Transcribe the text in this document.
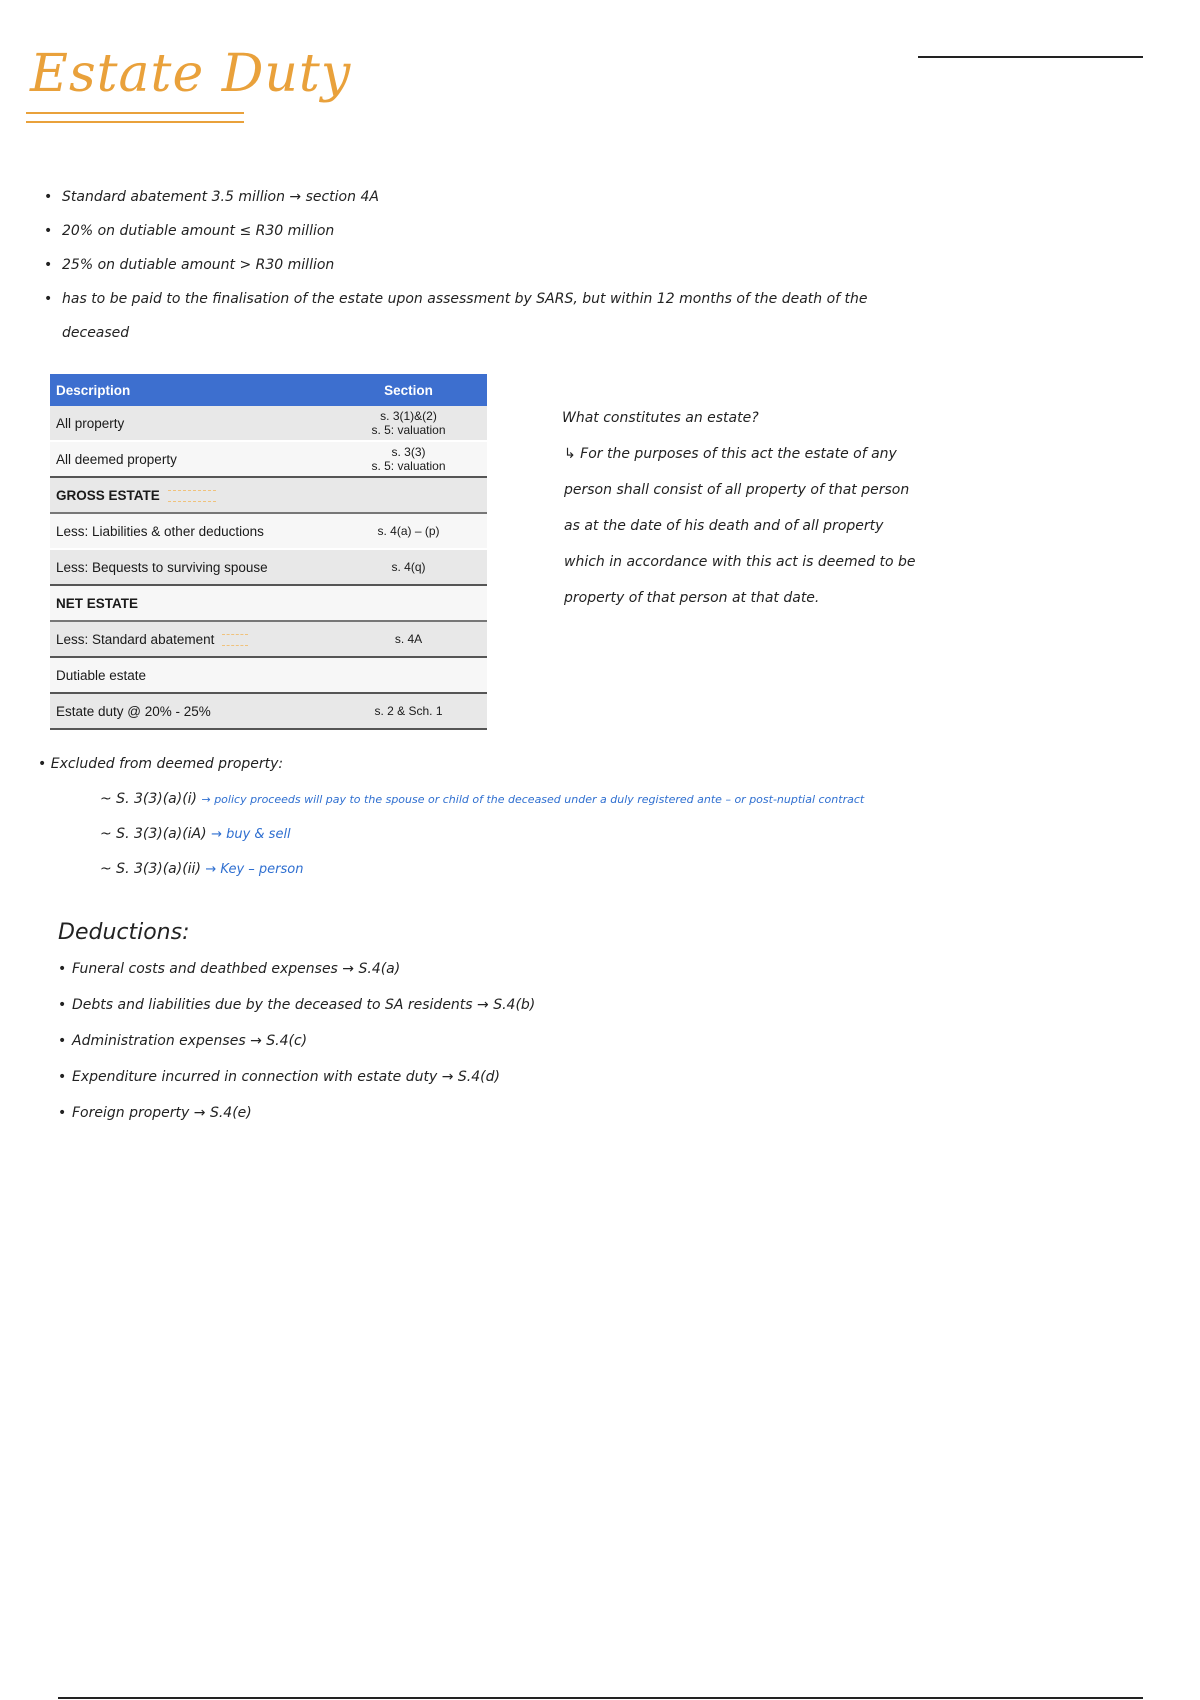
Estate Duty
• Standard abatement 3.5 million → section 4A
• 20% on dutiable amount ≤ R30 million
• 25% on dutiable amount > R30 million
• has to be paid to the finalisation of the estate upon assessment by SARS, but within 12 months of the death of the deceased
Description	Section
All property	s. 3(1)&(2)
s. 5: valuation
All deemed property	s. 3(3)
s. 5: valuation
GROSS ESTATE	
Less: Liabilities & other deductions	s. 4(a) – (p)
Less: Bequests to surviving spouse	s. 4(q)
NET ESTATE	
Less: Standard abatement	s. 4A
Dutiable estate	
Estate duty @ 20% - 25%	s. 2 & Sch. 1
What constitutes an estate?
↳ For the purposes of this act the estate of any person shall consist of all property of that person as at the date of his death and of all property which in accordance with this act is deemed to be property of that person at that date.
• Excluded from deemed property:
~ S. 3(3)(a)(i) → policy proceeds will pay to the spouse or child of the deceased under a duly registered ante – or post-nuptial contract
~ S. 3(3)(a)(iA) → buy & sell
~ S. 3(3)(a)(ii) → Key – person
Deductions:
• Funeral costs and deathbed expenses → S.4(a)
• Debts and liabilities due by the deceased to SA residents → S.4(b)
• Administration expenses → S.4(c)
• Expenditure incurred in connection with estate duty → S.4(d)
• Foreign property → S.4(e)
